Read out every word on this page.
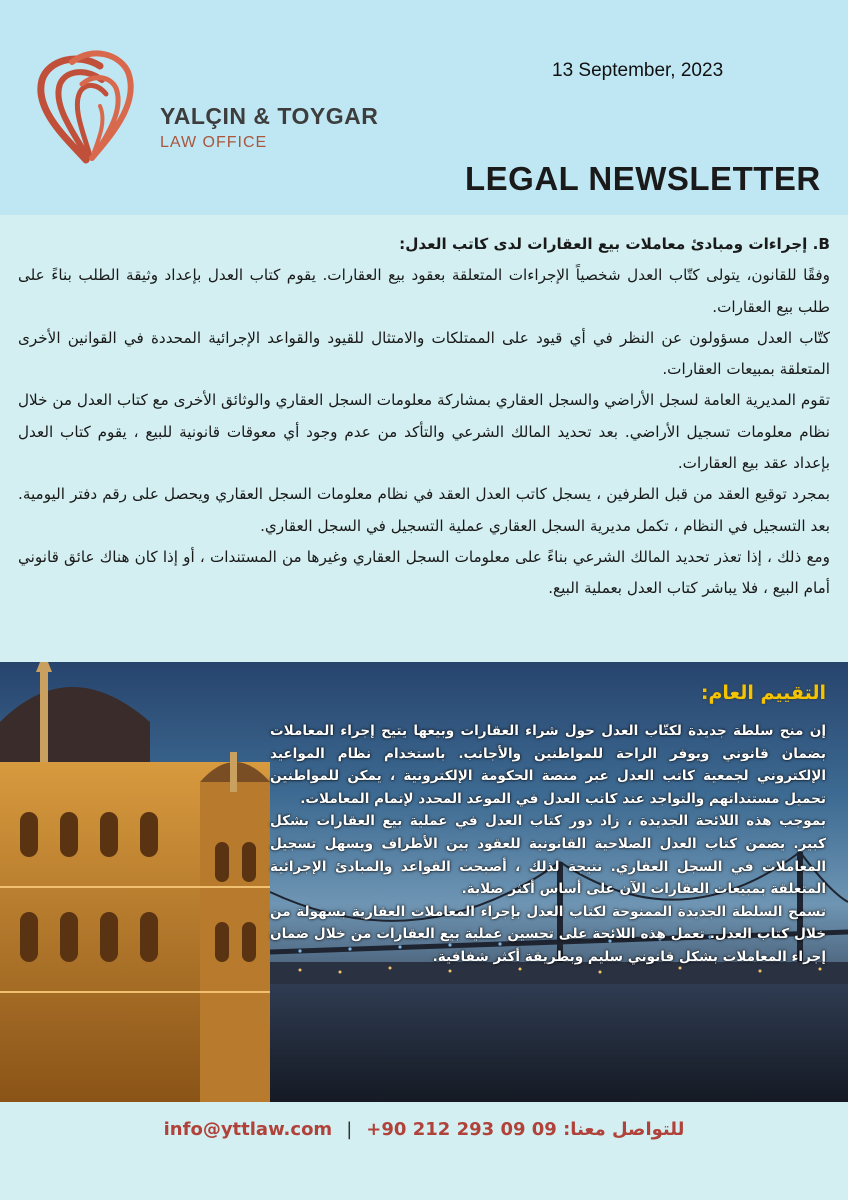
YALÇIN & TOYGAR
LAW OFFICE
13 September, 2023
LEGAL NEWSLETTER

B. إجراءات ومبادئ معاملات بيع العقارات لدى كاتب العدل:

وفقًا للقانون، يتولى كتّاب العدل شخصياً الإجراءات المتعلقة بعقود بيع العقارات. يقوم كتاب العدل بإعداد وثيقة الطلب بناءً على طلب بيع العقارات.

كتّاب العدل مسؤولون عن النظر في أي قيود على الممتلكات والامتثال للقيود والقواعد الإجرائية المحددة في القوانين الأخرى المتعلقة بمبيعات العقارات.

تقوم المديرية العامة لسجل الأراضي والسجل العقاري بمشاركة معلومات السجل العقاري والوثائق الأخرى مع كتاب العدل من خلال نظام معلومات تسجيل الأراضي. بعد تحديد المالك الشرعي والتأكد من عدم وجود أي معوقات قانونية للبيع ، يقوم كتاب العدل بإعداد عقد بيع العقارات.

بمجرد توقيع العقد من قبل الطرفين ، يسجل كاتب العدل العقد في نظام معلومات السجل العقاري ويحصل على رقم دفتر اليومية. بعد التسجيل في النظام ، تكمل مديرية السجل العقاري عملية التسجيل في السجل العقاري.

ومع ذلك ، إذا تعذر تحديد المالك الشرعي بناءً على معلومات السجل العقاري وغيرها من المستندات ، أو إذا كان هناك عائق قانوني أمام البيع ، فلا يباشر كتاب العدل بعملية البيع.

التقييم العام:

إن منح سلطة جديدة لكتّاب العدل حول شراء العقارات وبيعها يتيح إجراء المعاملات بضمان قانوني ويوفر الراحة للمواطنين والأجانب. باستخدام نظام المواعيد الإلكتروني لجمعية كاتب العدل عبر منصة الحكومة الإلكترونية ، يمكن للمواطنين تحميل مستنداتهم والتواجد عند كاتب العدل في الموعد المحدد لإتمام المعاملات.

بموجب هذه اللائحة الجديدة ، زاد دور كتاب العدل في عملية بيع العقارات بشكل كبير. يضمن كتاب العدل الصلاحية القانونية للعقود بين الأطراف ويسهل تسجيل المعاملات في السجل العقاري. نتيجة لذلك ، أصبحت القواعد والمبادئ الإجرائية المتعلقة بمبيعات العقارات الآن على أساس أكثر صلابة.

تسمح السلطة الجديدة الممنوحة لكتاب العدل بإجراء المعاملات العقارية بسهولة من خلال كتاب العدل. تعمل هذه اللائحة على تحسين عملية بيع العقارات من خلال ضمان إجراء المعاملات بشكل قانوني سليم وبطريقة أكثر شفافية.

info@yttlaw.com | للتواصل معنا: 09 09 293 212 90+
